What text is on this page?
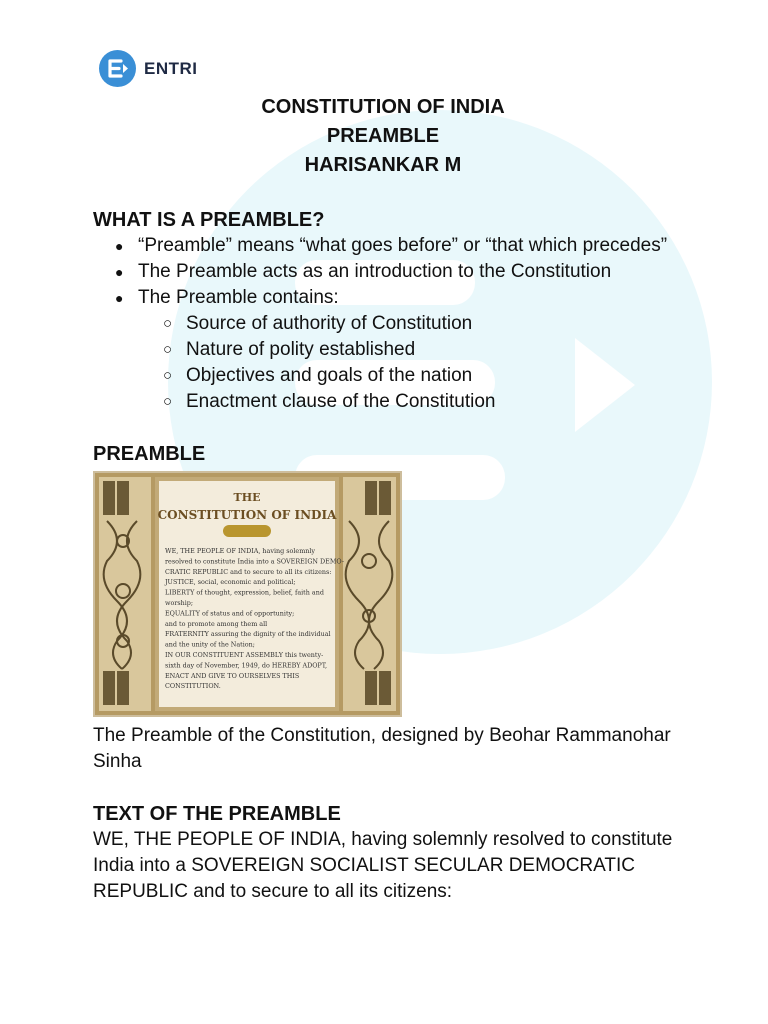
ENTRI
CONSTITUTION OF INDIA
PREAMBLE
HARISANKAR M
WHAT IS A PREAMBLE?
● “Preamble” means “what goes before” or “that which precedes”
● The Preamble acts as an introduction to the Constitution
● The Preamble contains:
○ Source of authority of Constitution
○ Nature of polity established
○ Objectives and goals of the nation
○ Enactment clause of the Constitution
PREAMBLE
THE
CONSTITUTION OF INDIA
WE, THE PEOPLE OF INDIA, having solemnly
resolved to constitute India into a SOVEREIGN DEMO-
CRATIC REPUBLIC and to secure to all its citizens:
JUSTICE, social, economic and political;
LIBERTY of thought, expression, belief, faith and
worship;
EQUALITY of status and of opportunity;
and to promote among them all
FRATERNITY assuring the dignity of the individual
and the unity of the Nation;
IN OUR CONSTITUENT ASSEMBLY this twenty-
sixth day of November, 1949, do HEREBY ADOPT,
ENACT AND GIVE TO OURSELVES THIS
CONSTITUTION.
The Preamble of the Constitution, designed by Beohar Rammanohar Sinha
TEXT OF THE PREAMBLE
WE, THE PEOPLE OF INDIA, having solemnly resolved to constitute India into a SOVEREIGN SOCIALIST SECULAR DEMOCRATIC REPUBLIC and to secure to all its citizens:
